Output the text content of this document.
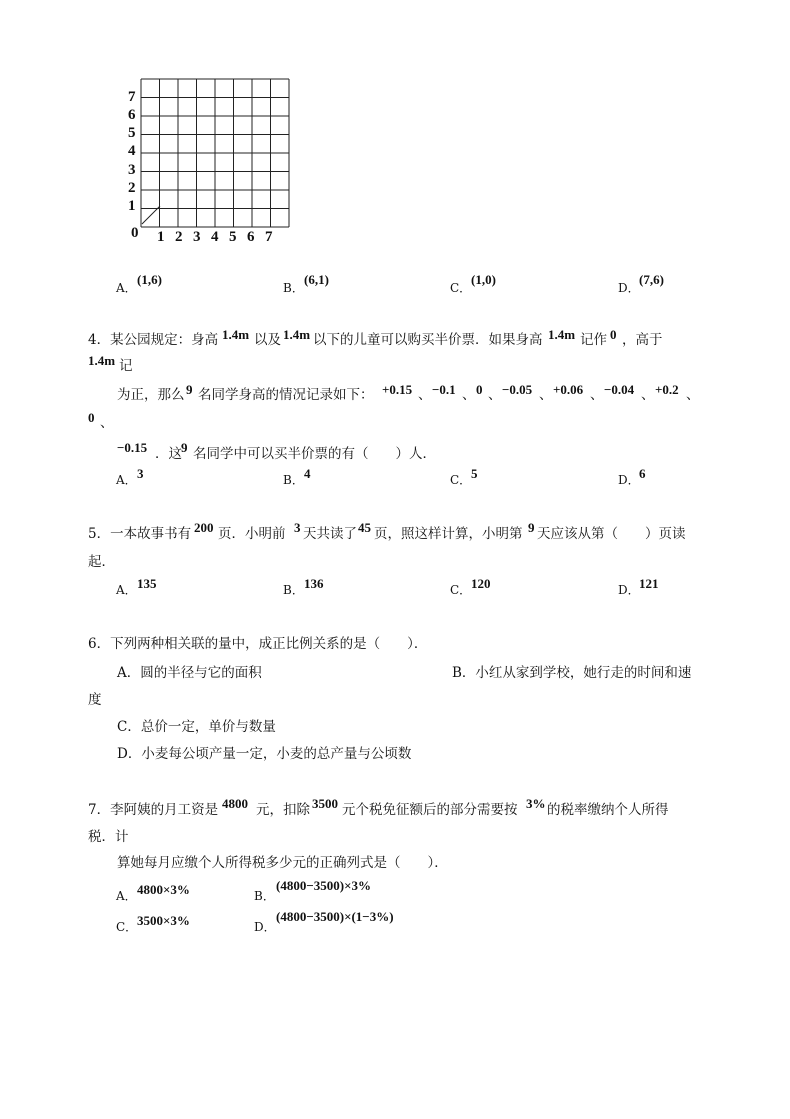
7
6
5
4
3
2
1
0 1 2 3 4 5 6 7
A．
(1,6)
B．
(6,1)
C．
(1,0)
D．
(7,6)
4．某公园规定：身高 1.4m 以及 1.4m 以下的儿童可以购买半价票．如果身高 1.4m 记作 0 ，高于
1.4m 记
为正，那么 9 名同学身高的情况记录如下： +0.15 、 −0.1 、 0 、 −0.05 、 +0.06 、 −0.04 、 +0.2 、
0 、
−0.15 ．这 9 名同学中可以买半价票的有（　　）人．
A． 3	B． 4	C． 5	D． 6
5．一本故事书有 200 页．小明前 3 天共读了 45 页，照这样计算，小明第 9 天应该从第（　　）页读
起．
A． 135	B． 136	C． 120	D． 121
6．下列两种相关联的量中，成正比例关系的是（　　）．
A．圆的半径与它的面积	B．小红从家到学校，她行走的时间和速
度
C．总价一定，单价与数量
D．小麦每公顷产量一定，小麦的总产量与公顷数
7．李阿姨的月工资是 4800 元，扣除 3500 元个税免征额后的部分需要按 3% 的税率缴纳个人所得
税．计
算她每月应缴个人所得税多少元的正确列式是（　　）．
A． 4800×3%	B．
(4800−3500)×3%
C． 3500×3%	D．
(4800−3500)×(1−3%)
